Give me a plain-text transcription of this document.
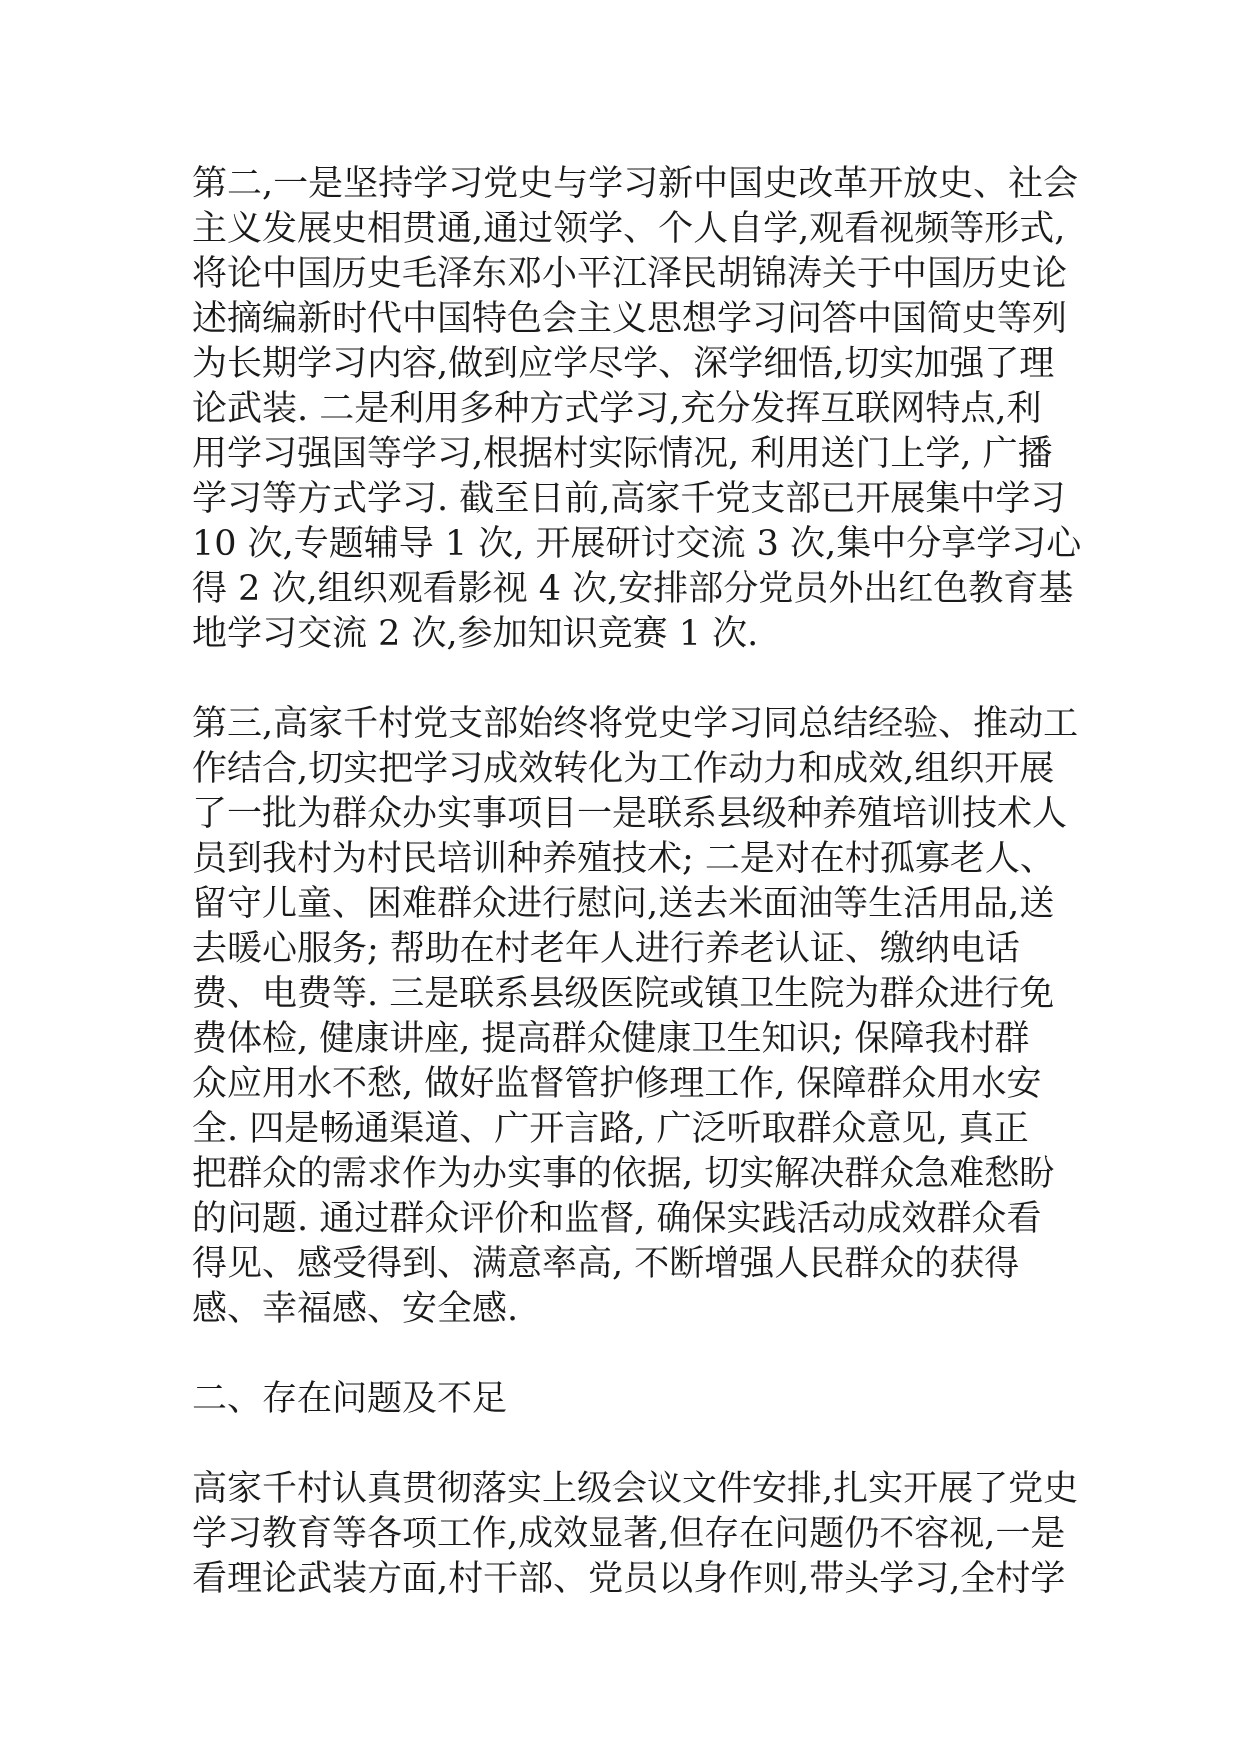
第二,一是坚持学习党史与学习新中国史改革开放史、社会
主义发展史相贯通,通过领学、个人自学,观看视频等形式,
将论中国历史毛泽东邓小平江泽民胡锦涛关于中国历史论
述摘编新时代中国特色会主义思想学习问答中国简史等列
为长期学习内容,做到应学尽学、深学细悟,切实加强了理
论武装. 二是利用多种方式学习,充分发挥互联网特点,利
用学习强国等学习,根据村实际情况, 利用送门上学, 广播
学习等方式学习. 截至日前,高家千党支部已开展集中学习
10 次,专题辅导 1 次, 开展研讨交流 3 次,集中分享学习心
得 2 次,组织观看影视 4 次,安排部分党员外出红色教育基
地学习交流 2 次,参加知识竞赛 1 次.
第三,高家千村党支部始终将党史学习同总结经验、推动工
作结合,切实把学习成效转化为工作动力和成效,组织开展
了一批为群众办实事项目一是联系县级种养殖培训技术人
员到我村为村民培训种养殖技术; 二是对在村孤寡老人、
留守儿童、困难群众进行慰问,送去米面油等生活用品,送
去暖心服务; 帮助在村老年人进行养老认证、缴纳电话
费、电费等. 三是联系县级医院或镇卫生院为群众进行免
费体检, 健康讲座, 提高群众健康卫生知识; 保障我村群
众应用水不愁, 做好监督管护修理工作, 保障群众用水安
全. 四是畅通渠道、广开言路, 广泛听取群众意见, 真正
把群众的需求作为办实事的依据, 切实解决群众急难愁盼
的问题. 通过群众评价和监督, 确保实践活动成效群众看
得见、感受得到、满意率高, 不断增强人民群众的获得
感、幸福感、安全感.
二、存在问题及不足
高家千村认真贯彻落实上级会议文件安排,扎实开展了党史
学习教育等各项工作,成效显著,但存在问题仍不容视,一是
看理论武装方面,村干部、党员以身作则,带头学习,全村学
